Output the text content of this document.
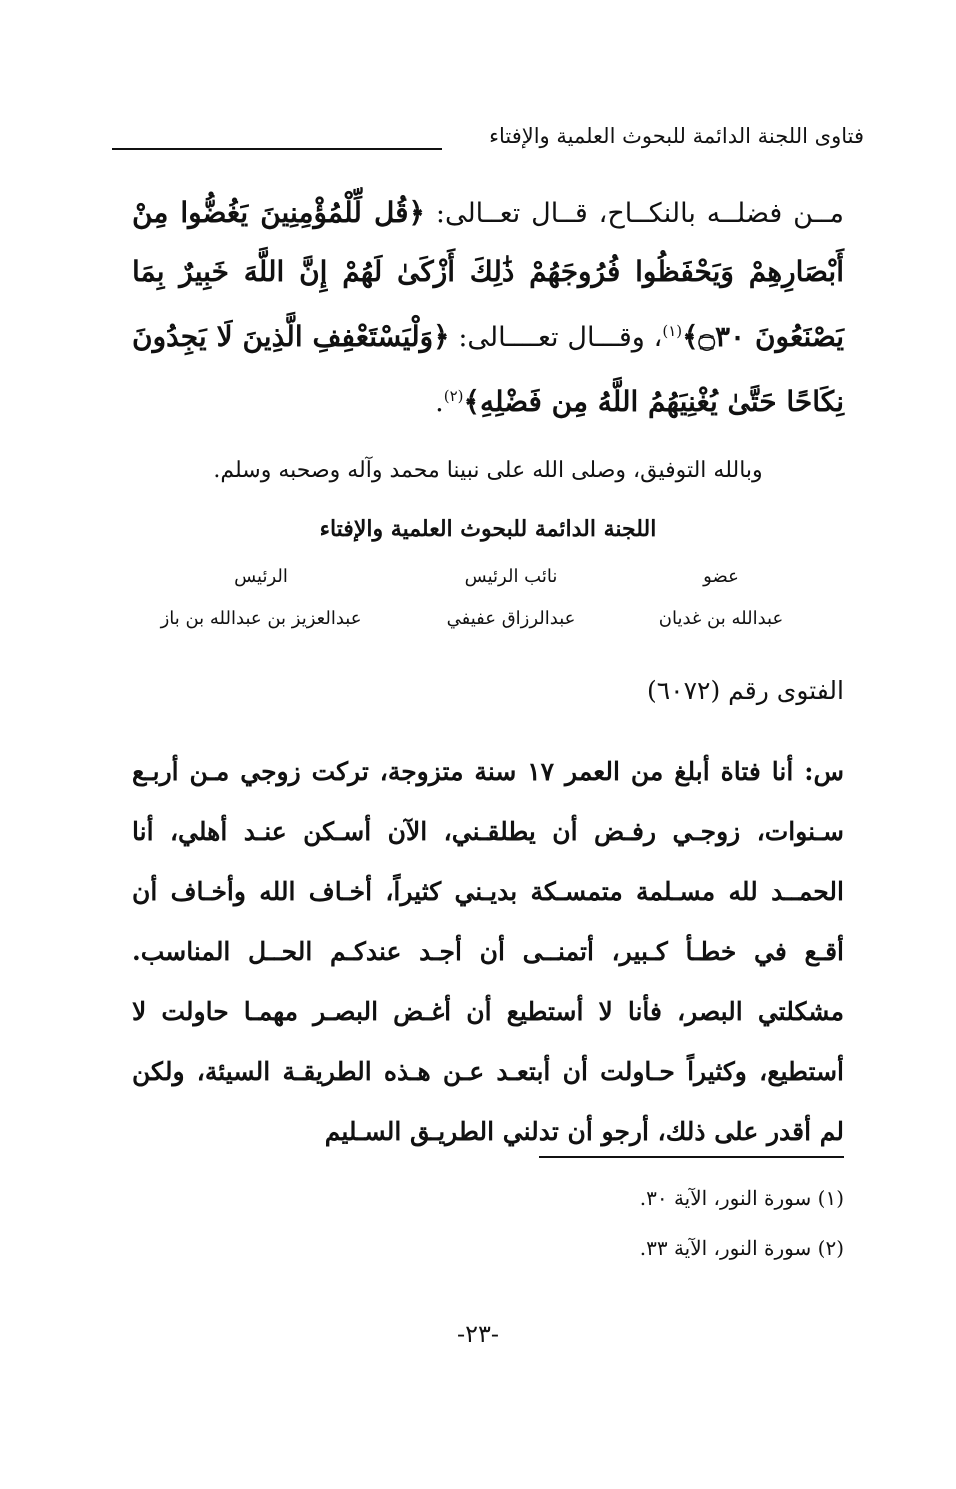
فتاوى اللجنة الدائمة للبحوث العلمية والإفتاء

مــن فضلــه بالنكــاح، قــال تعــالى: ﴿قُل لِّلْمُؤْمِنِينَ يَغُضُّوا مِنْ أَبْصَارِهِمْ وَيَحْفَظُوا فُرُوجَهُمْ ذَٰلِكَ أَزْكَىٰ لَهُمْ إِنَّ اللَّهَ خَبِيرٌ بِمَا يَصْنَعُونَ ۝٣٠﴾$^{(١)}$، وقـــال تعــــالى: ﴿وَلْيَسْتَعْفِفِ الَّذِينَ لَا يَجِدُونَ نِكَاحًا حَتَّىٰ يُغْنِيَهُمُ اللَّهُ مِن فَضْلِهِ﴾$^{(٢)}$.

وبالله التوفيق، وصلى الله على نبينا محمد وآله وصحبه وسلم.
اللجنة الدائمة للبحوث العلمية والإفتاء
عضو
نائب الرئيس
الرئيس
عبدالله بن غديان
عبدالرزاق عفيفي
عبدالعزيز بن عبدالله بن باز
الفتوى رقم (٦٠٧٢)

س: أنا فتاة أبلغ من العمر ١٧ سنة متزوجة، تركت زوجي مـن أربـع سـنوات، زوجـي رفـض أن يطلقـني، الآن أسـكن عنـد أهلي، أنا الحمــد لله مسـلمة متمسـكة بديـني كثيراً، أخـاف الله وأخـاف أن أقـع في خطـأ كـبير، أتمنــى أن أجـد عندكـم الحــل المناسب. مشكلتي البصر، فأنا لا أستطيع أن أغـض البصـر مهمـا حاولت لا أستطيع، وكثيراً حـاولت أن أبتعـد عـن هـذه الطريقـة السيئة، ولكن لم أقدر على ذلك، أرجو أن تدلني الطريـق السـليم

(١) سورة النور، الآية ٣٠.
(٢) سورة النور، الآية ٣٣.
-٢٣-
